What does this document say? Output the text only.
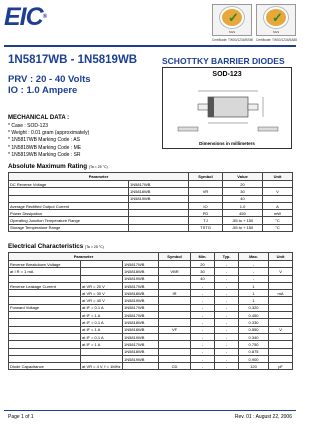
EIC®
✓
SGS
✓	SGS
Certificate: TW00/1234/BSMI Certificate: TW00/1234/5A88
1N5817WB - 1N5819WB	SCHOTTKY BARRIER DIODES
SOD-123
Dimensions in millimeters
PRV : 20 - 40 Volts
IO : 1.0 Ampere
MECHANICAL DATA :
* Case : SOD-123
* Weight : 0.01 gram (approximately)
* 1N5817WB Marking Code : AS
* 1N5818WB Marking Code : ME
* 1N5819WB Marking Code : SR
Absolute Maximum Rating (Ta = 25 °C)
Parameter		Symbol	Value	Unit
DC Reverse Voltage	1N5817WB		20	
	1N5818WB	VR	30	V
	1N5819WB		40	
Average Rectified Output Current		IO	1.0	A
Power Dissipation		PD	450	mW
Operating Junction Temperature Range		TJ	-55 to + 150	°C
Storage Temperature Range		TSTG	-55 to + 150	°C
Electrical Characteristics (Ta = 25 °C)
Parameter			Symbol	Min.	Typ.	Max.	Unit
Reverse Breakdown Voltage		1N5817WB		20	-	-	
at I R = 1 mA		1N5818WB	VBR	30	-	-	V
		1N5819WB		40	-	-	
Reverse Leakage Current	at VR = 20 V	1N5817WB		-	-	1	
	at VR = 30 V	1N5818WB	IR	-	-	1	mA
	at VR = 40 V	1N5819WB		-	-	1	
Forward Voltage	at IF = 0.1 A	1N5817WB		-	-	0.320	
	at IF = 1 A	1N5817WB		-	-	0.450	
	at IF = 0.1 A	1N5818WB		-	-	0.330	
	at IF = 1 A	1N5818WB	VF	-	-	0.550	V
	at IF = 0.1 A	1N5819WB		-	-	0.340	
	at IF = 1 A	1N5817WB		-	-	0.750	
		1N5818WB		-	-	0.875	
		1N5819WB		-	-	0.900	
Diode Capacitance	at VR = 4 V, f = 1MHz		CD	-	-	120	pF
Page 1 of 1	Rev. 01 : August 22, 2006
